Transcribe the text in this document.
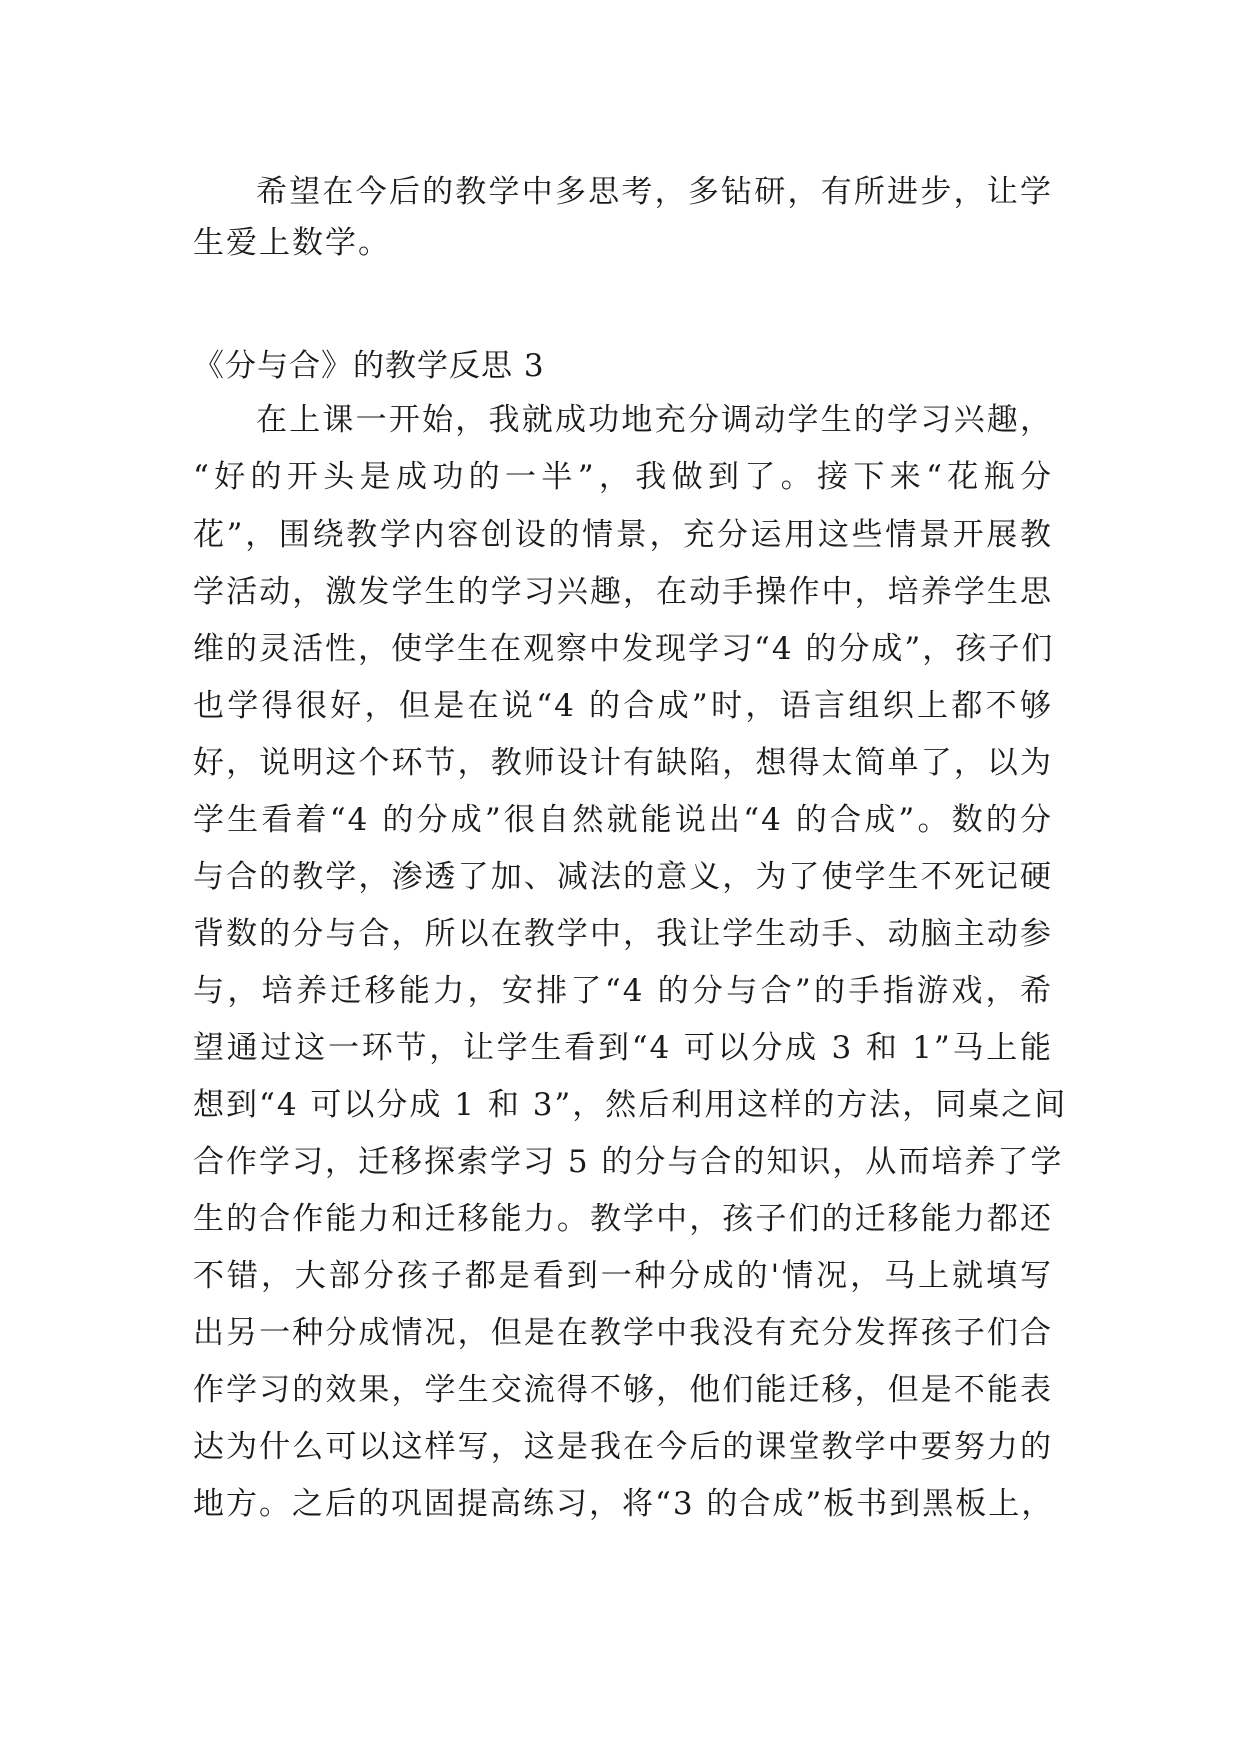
希望在今后的教学中多思考，多钻研，有所进步，让学
生爱上数学。
《分与合》的教学反思 3
在上课一开始，我就成功地充分调动学生的学习兴趣，
“好的开头是成功的一半”，我做到了。接下来“花瓶分
花”，围绕教学内容创设的情景，充分运用这些情景开展教
学活动，激发学生的学习兴趣，在动手操作中，培养学生思
维的灵活性，使学生在观察中发现学习“4 的分成”，孩子们
也学得很好，但是在说“4 的合成”时，语言组织上都不够
好，说明这个环节，教师设计有缺陷，想得太简单了，以为
学生看着“4 的分成”很自然就能说出“4 的合成”。数的分
与合的教学，渗透了加、减法的意义，为了使学生不死记硬
背数的分与合，所以在教学中，我让学生动手、动脑主动参
与，培养迁移能力，安排了“4 的分与合”的手指游戏，希
望通过这一环节，让学生看到“4 可以分成 3 和 1”马上能
想到“4 可以分成 1 和 3”，然后利用这样的方法，同桌之间
合作学习，迁移探索学习 5 的分与合的知识，从而培养了学
生的合作能力和迁移能力。教学中，孩子们的迁移能力都还
不错，大部分孩子都是看到一种分成的'情况，马上就填写
出另一种分成情况，但是在教学中我没有充分发挥孩子们合
作学习的效果，学生交流得不够，他们能迁移，但是不能表
达为什么可以这样写，这是我在今后的课堂教学中要努力的
地方。之后的巩固提高练习，将“3 的合成”板书到黑板上，
